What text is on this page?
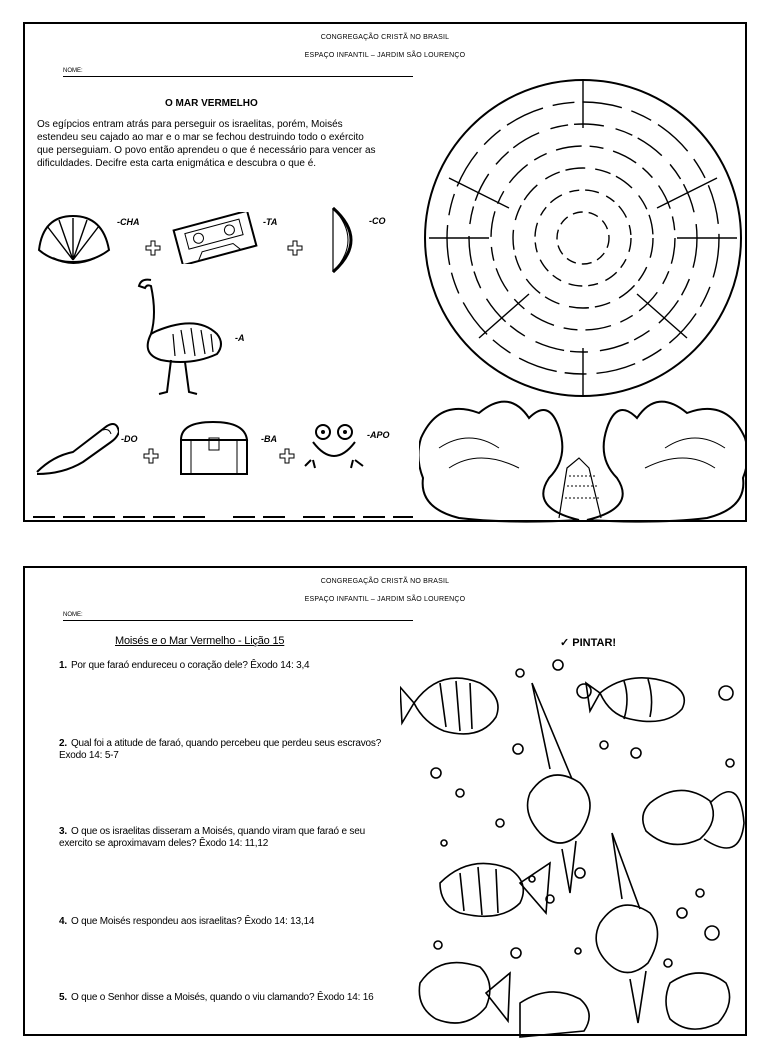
CONGREGAÇÃO CRISTÃ NO BRASIL
ESPAÇO INFANTIL – JARDIM SÃO LOURENÇO
NOME:
O MAR VERMELHO
Os egípcios entram atrás para perseguir os israelitas, porém, Moisés estendeu seu cajado ao mar e o mar se fechou destruindo todo o exército que perseguiam. O povo então aprendeu o que é necessário para vencer as dificuldades. Decifre esta carta enigmática e descubra o que é.
-CHA	-TA	-CO
-A
-DO	-BA	-APO
CONGREGAÇÃO CRISTÃ NO BRASIL
ESPAÇO INFANTIL – JARDIM SÃO LOURENÇO
NOME:
Moisés e o Mar Vermelho - Lição 15	✓ PINTAR!
1. Por que faraó endureceu o coração dele? Êxodo 14: 3,4
2. Qual foi a atitude de faraó, quando percebeu que perdeu seus escravos? Exodo 14: 5-7
3. O que os israelitas disseram a Moisés, quando viram que faraó e seu exercito se aproximavam deles? Êxodo 14: 11,12
4. O que Moisés respondeu aos israelitas? Êxodo 14: 13,14
5. O que o Senhor disse a Moisés, quando o viu clamando? Êxodo 14: 16
